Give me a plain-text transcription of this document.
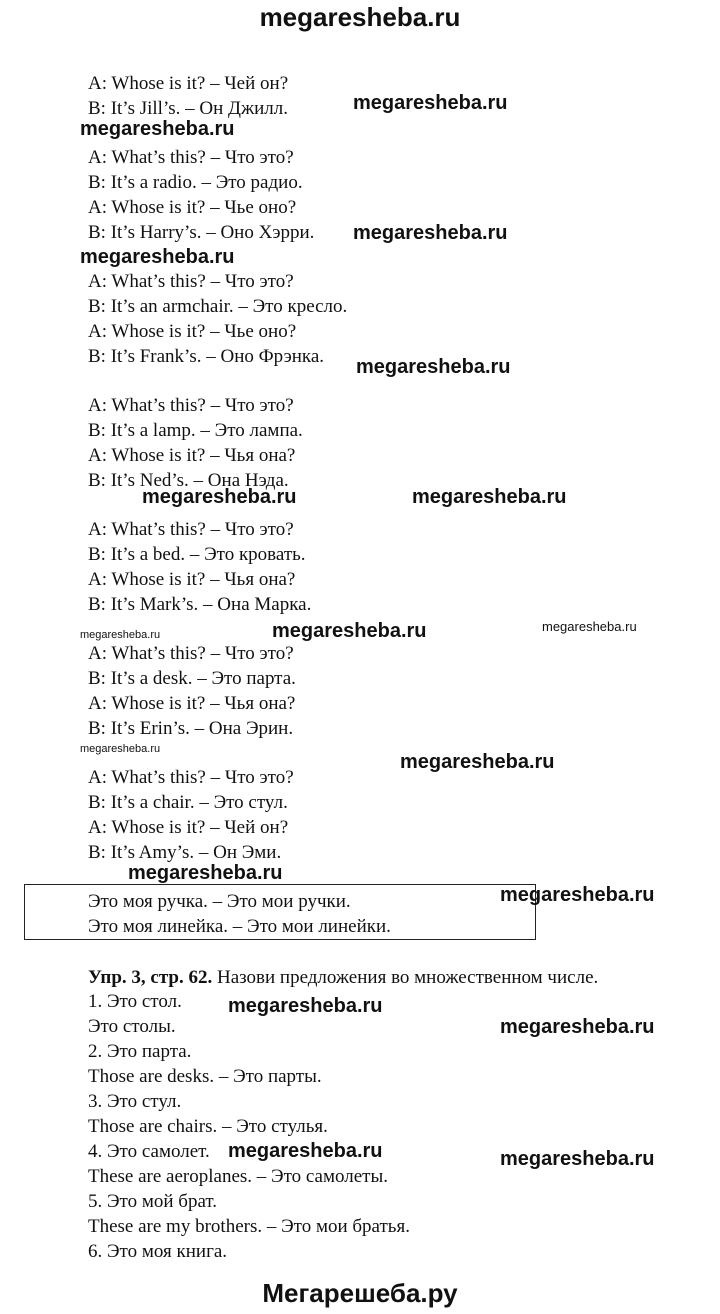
megaresheba.ru
A: Whose is it? – Чей он?
B: It’s Jill’s. – Он Джилл.
A: What’s this? – Что это?
B: It’s a radio. – Это радио.
A: Whose is it? – Чье оно?
B: It’s Harry’s. – Оно Хэрри.
A: What’s this? – Что это?
B: It’s an armchair. – Это кресло.
A: Whose is it? – Чье оно?
B: It’s Frank’s. – Оно Фрэнка.
A: What’s this? – Что это?
B: It’s a lamp. – Это лампа.
A: Whose is it? – Чья она?
B: It’s Ned’s. – Она Нэда.
A: What’s this? – Что это?
B: It’s a bed. – Это кровать.
A: Whose is it? – Чья она?
B: It’s Mark’s. – Она Марка.
A: What’s this? – Что это?
B: It’s a desk. – Это парта.
A: Whose is it? – Чья она?
B: It’s Erin’s. – Она Эрин.
A: What’s this? – Что это?
B: It’s a chair. – Это стул.
A: Whose is it? – Чей он?
B: It’s Amy’s. – Он Эми.
Это моя ручка. – Это мои ручки.
Это моя линейка. – Это мои линейки.
Упр. 3, стр. 62. Назови предложения во множественном числе.
1. Это стол.
Это столы.
2. Это парта.
Those are desks. – Это парты.
3. Это стул.
Those are chairs. – Это стулья.
4. Это самолет.
These are aeroplanes. – Это самолеты.
5. Это мой брат.
These are my brothers. – Это мои братья.
6. Это моя книга.
megaresheba.ru
megaresheba.ru
megaresheba.ru
megaresheba.ru
megaresheba.ru
megaresheba.ru	megaresheba.ru
megaresheba.ru	megaresheba.ru	megaresheba.ru
megaresheba.ru
megaresheba.ru
megaresheba.ru
megaresheba.ru
megaresheba.ru
megaresheba.ru
megaresheba.ru	megaresheba.ru
Мегарешеба.ру
